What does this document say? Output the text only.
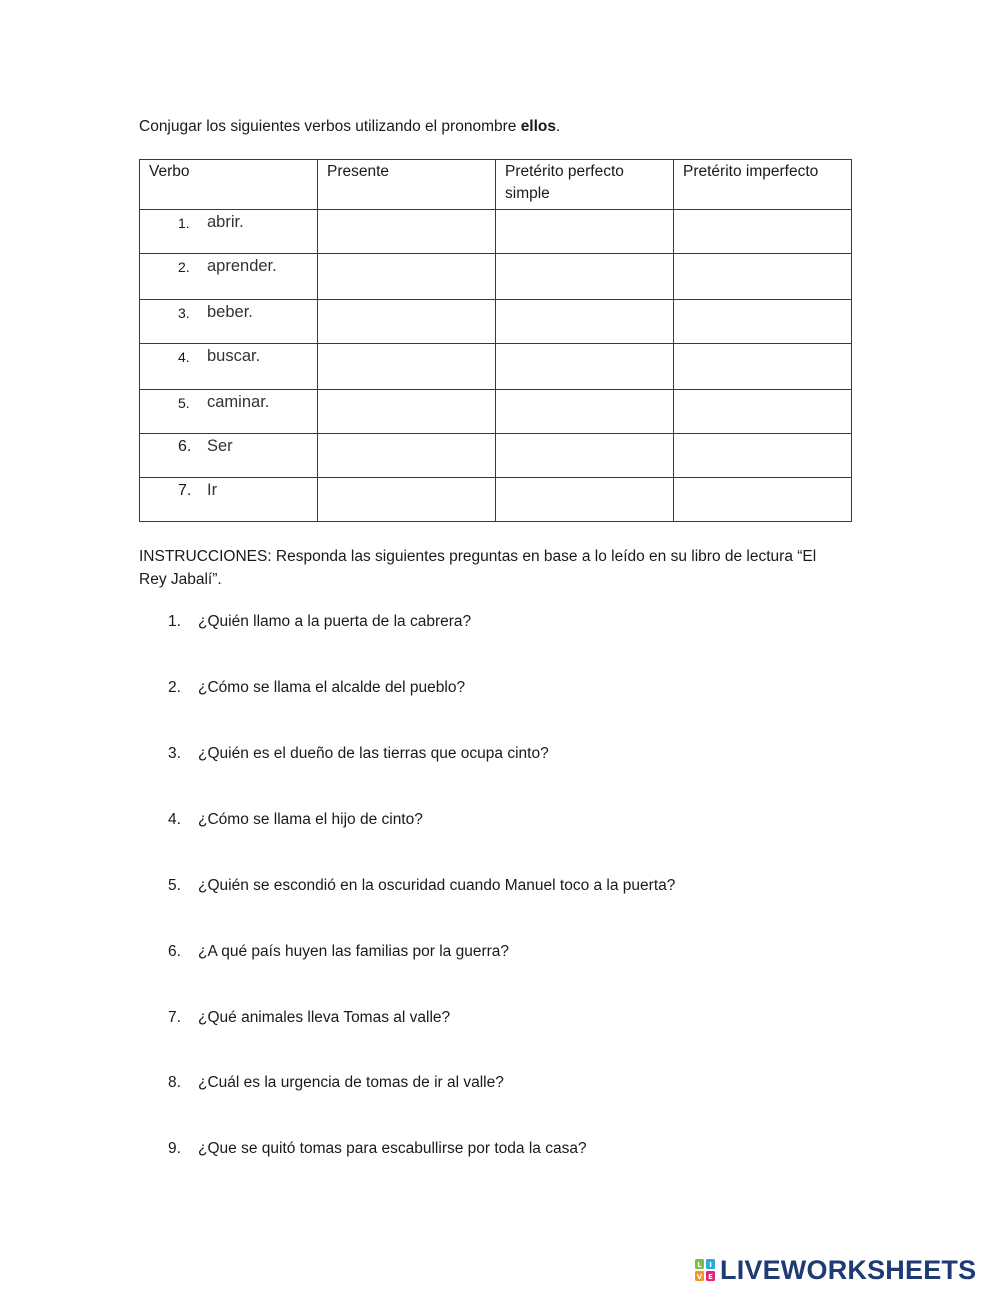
Conjugar los siguientes verbos utilizando el pronombre ellos.
Verbo	Presente	Pretérito perfecto simple	Pretérito imperfecto

1. abrir.			

2. aprender.			

3. beber.			

4. buscar.			

5. caminar.			

6. Ser			

7. Ir			

INSTRUCCIONES: Responda las siguientes preguntas en base a lo leído en su libro de lectura “El Rey Jabalí”.
1. ¿Quién llamo a la puerta de la cabrera?
2. ¿Cómo se llama el alcalde del pueblo?
3. ¿Quién es el dueño de las tierras que ocupa cinto?
4. ¿Cómo se llama el hijo de cinto?
5. ¿Quién se escondió en la oscuridad cuando Manuel toco a la puerta?
6. ¿A qué país huyen las familias por la guerra?
7. ¿Qué animales lleva Tomas al valle?
8. ¿Cuál es la urgencia de tomas de ir al valle?
9. ¿Que se quitó tomas para escabullirse por toda la casa?
L I
V E LIVEWORKSHEETS
